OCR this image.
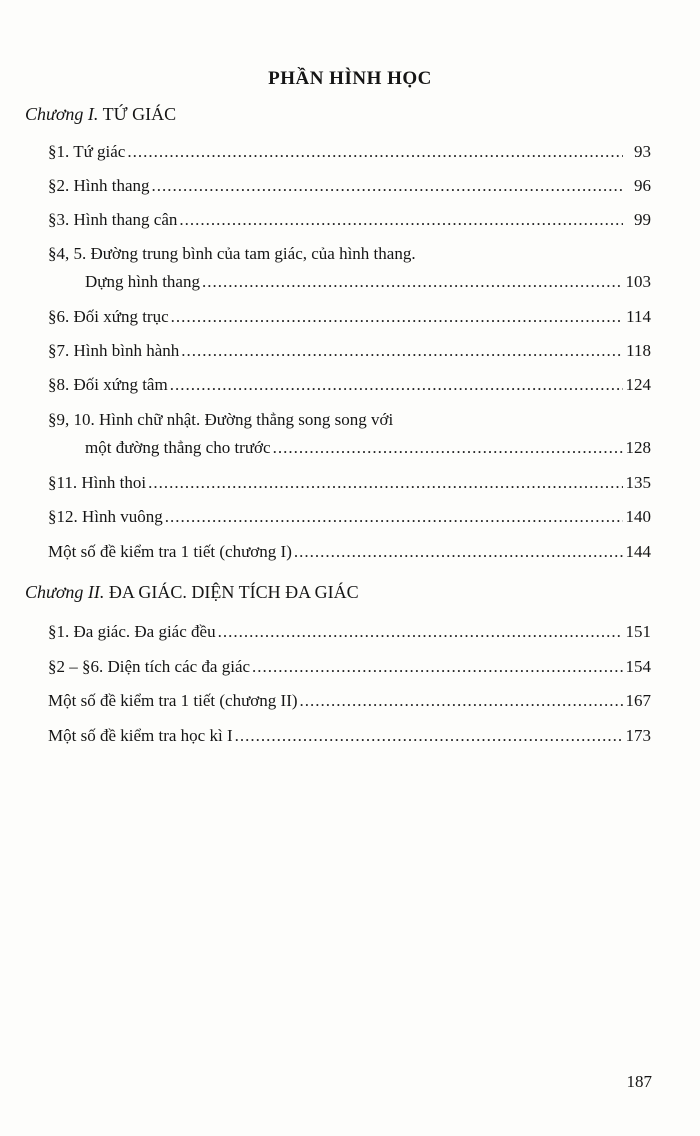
PHẦN HÌNH HỌC
Chương I. TỨ GIÁC
§1. Tứ giác .....	93
§2. Hình thang .....	96
§3. Hình thang cân .....	99
§4, 5. Đường trung bình của tam giác, của hình thang.
Dựng hình thang .....	103
§6. Đối xứng trục .....	114
§7. Hình bình hành .....	118
§8. Đối xứng tâm .....	124
§9, 10. Hình chữ nhật. Đường thẳng song song với
một đường thẳng cho trước .....	128
§11. Hình thoi .....	135
§12. Hình vuông .....	140
Một số đề kiểm tra 1 tiết (chương I) .....	144
Chương II. ĐA GIÁC. DIỆN TÍCH ĐA GIÁC
§1. Đa giác. Đa giác đều .....	151
§2 – §6. Diện tích các đa giác .....	154
Một số đề kiểm tra 1 tiết (chương II) .....	167
Một số đề kiểm tra học kì I .....	173
187
